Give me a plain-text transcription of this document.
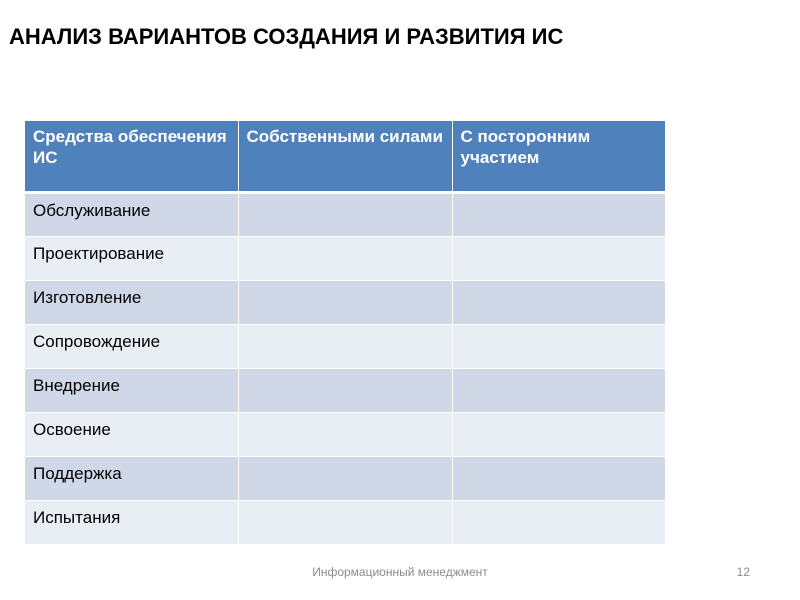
АНАЛИЗ ВАРИАНТОВ СОЗДАНИЯ И РАЗВИТИЯ ИС
Средства обеспечения ИС	Собственными силами	С посторонним участием
Обслуживание		
Проектирование		
Изготовление		
Сопровождение		
Внедрение		
Освоение		
Поддержка		
Испытания		
Информационный менеджмент	12
